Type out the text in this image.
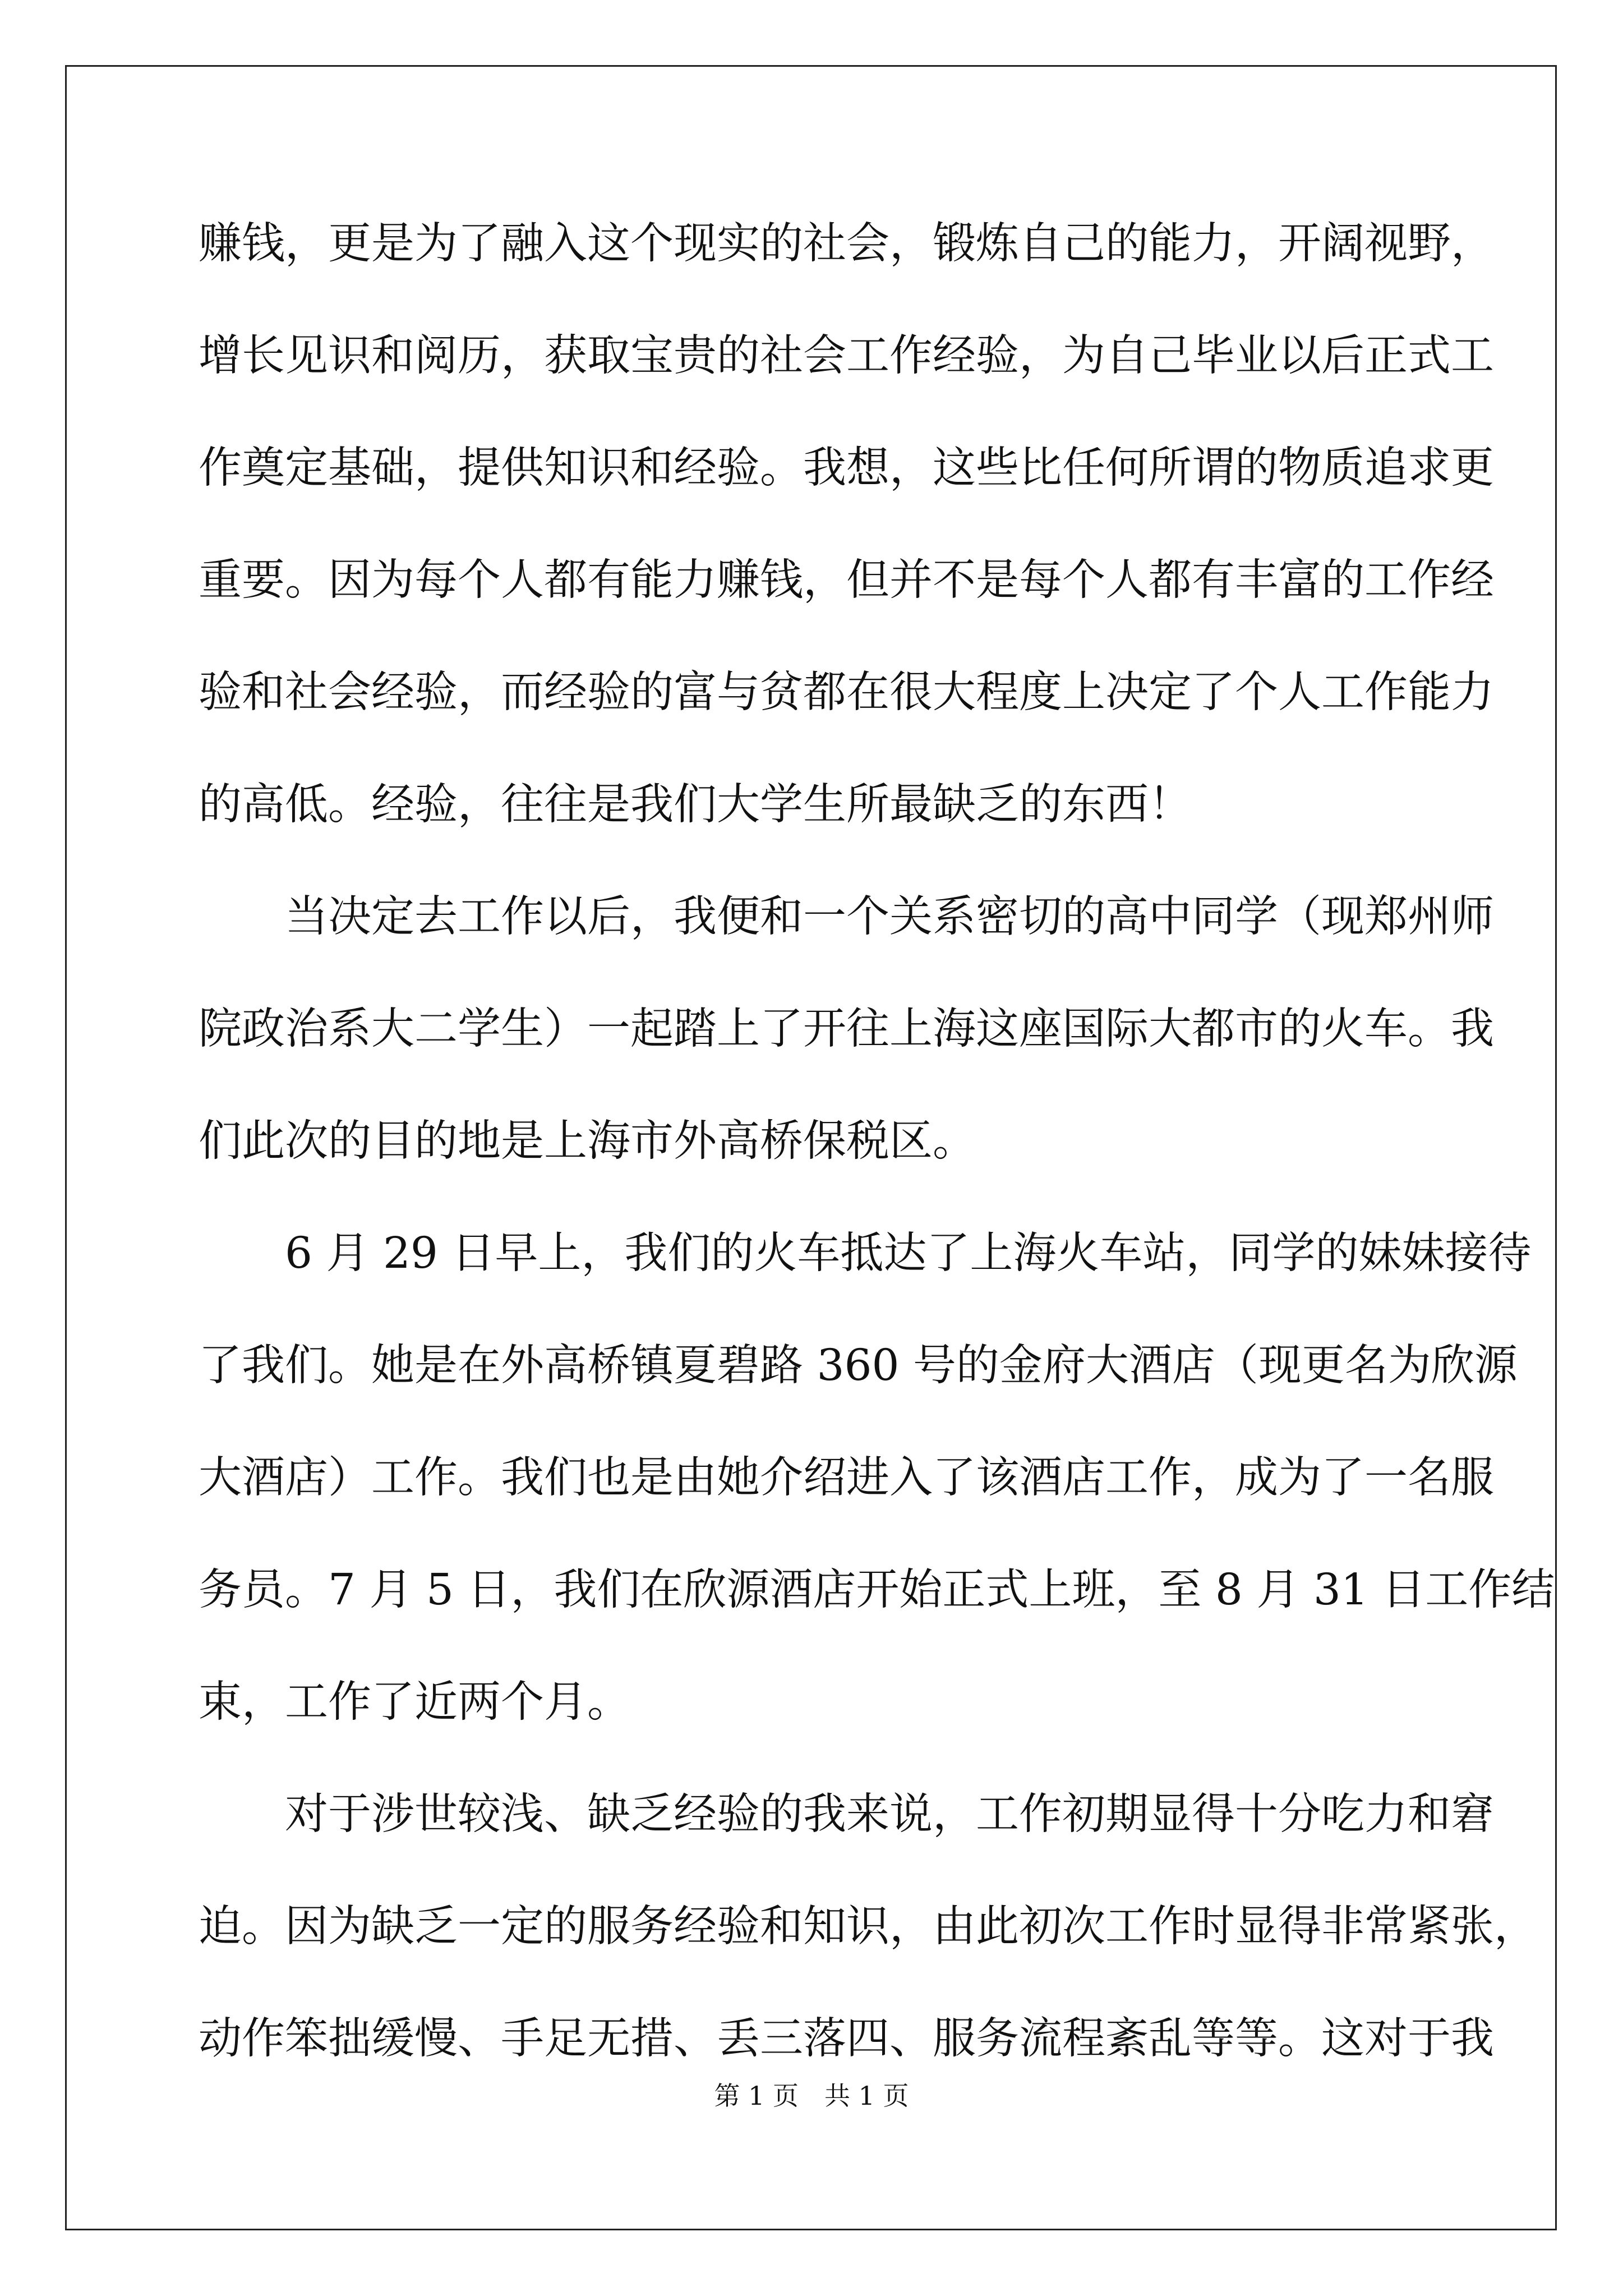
赚钱，更是为了融入这个现实的社会，锻炼自己的能力，开阔视野，
增长见识和阅历，获取宝贵的社会工作经验，为自己毕业以后正式工
作奠定基础，提供知识和经验。我想，这些比任何所谓的物质追求更
重要。因为每个人都有能力赚钱，但并不是每个人都有丰富的工作经
验和社会经验，而经验的富与贫都在很大程度上决定了个人工作能力
的高低。经验，往往是我们大学生所最缺乏的东西！
当决定去工作以后，我便和一个关系密切的高中同学（现郑州师
院政治系大二学生）一起踏上了开往上海这座国际大都市的火车。我
们此次的目的地是上海市外高桥保税区。
6 月 29 日早上，我们的火车抵达了上海火车站，同学的妹妹接待
了我们。她是在外高桥镇夏碧路 360 号的金府大酒店（现更名为欣源
大酒店）工作。我们也是由她介绍进入了该酒店工作，成为了一名服
务员。7 月 5 日，我们在欣源酒店开始正式上班，至 8 月 31 日工作结
束，工作了近两个月。
对于涉世较浅、缺乏经验的我来说，工作初期显得十分吃力和窘
迫。因为缺乏一定的服务经验和知识，由此初次工作时显得非常紧张，
动作笨拙缓慢、手足无措、丢三落四、服务流程紊乱等等。这对于我
第 1 页　共 1 页
